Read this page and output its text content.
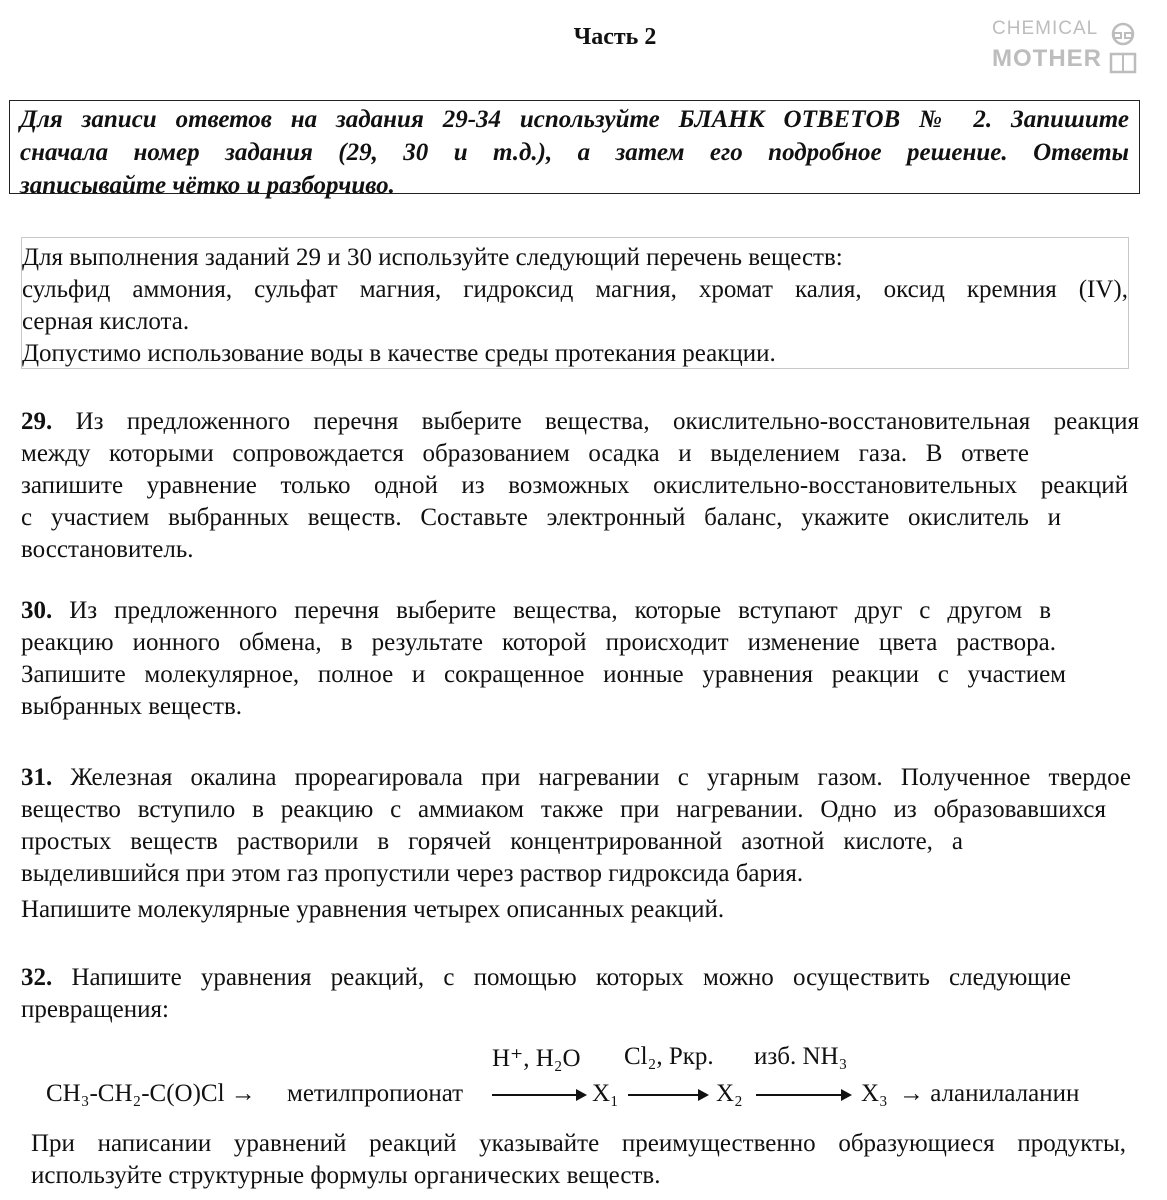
Часть 2	CHEMICAL
MOTHER
Для записи ответов на задания 29-34 используйте БЛАНК ОТВЕТОВ № 2. Запишите
сначала номер задания (29, 30 и т.д.), а затем его подробное решение. Ответы
записывайте чётко и разборчиво.
Для выполнения заданий 29 и 30 используйте следующий перечень веществ:
сульфид аммония, сульфат магния, гидроксид магния, хромат калия, оксид кремния (IV),
серная кислота.
Допустимо использование воды в качестве среды протекания реакции.
29. Из предложенного перечня выберите вещества, окислительно-восстановительная реакция
между которыми сопровождается образованием осадка и выделением газа. В ответе
запишите уравнение только одной из возможных окислительно-восстановительных реакций
с участием выбранных веществ. Составьте электронный баланс, укажите окислитель и
восстановитель.
30. Из предложенного перечня выберите вещества, которые вступают друг с другом в
реакцию ионного обмена, в результате которой происходит изменение цвета раствора.
Запишите молекулярное, полное и сокращенное ионные уравнения реакции с участием
выбранных веществ.
31. Железная окалина прореагировала при нагревании с угарным газом. Полученное твердое
вещество вступило в реакцию с аммиаком также при нагревании. Одно из образовавшихся
простых веществ растворили в горячей концентрированной азотной кислоте, а
выделившийся при этом газ пропустили через раствор гидроксида бария.
Напишите молекулярные уравнения четырех описанных реакций.
32. Напишите уравнения реакций, с помощью которых можно осуществить следующие
превращения:
CH₃-CH₂-C(O)Cl → метилпропионат
H⁺, H₂O
X₁
Cl₂, Pкр.
X₂
изб. NH₃
X₃ → аланилаланин
При написании уравнений реакций указывайте преимущественно образующиеся продукты,
используйте структурные формулы органических веществ.
